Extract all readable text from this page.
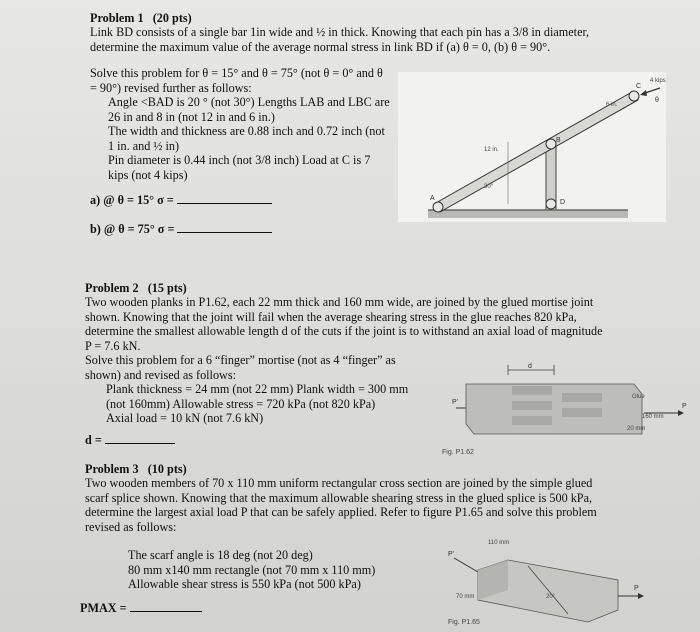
Problem 1 (20 pts)
Link BD consists of a single bar 1in wide and ½ in thick. Knowing that each pin has a 3/8 in diameter,
determine the maximum value of the average normal stress in link BD if (a) θ = 0, (b) θ = 90°.
Solve this problem for θ = 15° and θ = 75° (not θ = 0° and θ
= 90°) revised further as follows:
Angle <BAD is 20 ° (not 30°) Lengths LAB and LBC are
26 in and 8 in (not 12 in and 6 in.)
The width and thickness are 0.88 inch and 0.72 inch (not
1 in. and ½ in)
Pin diameter is 0.44 inch (not 3/8 inch) Load at C is 7
kips (not 4 kips)
a) @ θ = 15° σ =
b) @ θ = 75° σ =
4 kips
6 in.
12 in.
30°
A
B
C
D
θ
Problem 2 (15 pts)
Two wooden planks in P1.62, each 22 mm thick and 160 mm wide, are joined by the glued mortise joint
shown. Knowing that the joint will fail when the average shearing stress in the glue reaches 820 kPa,
determine the smallest allowable length d of the cuts if the joint is to withstand an axial load of magnitude
P = 7.6 kN.
Solve this problem for a 6 “finger” mortise (not as 4 “finger” as
shown) and revised as follows:
Plank thickness = 24 mm (not 22 mm) Plank width = 300 mm
(not 160mm) Allowable stress = 720 kPa (not 820 kPa)
Axial load = 10 kN (not 7.6 kN)
d =
d
Glue
160 mm
20 mm
P'
P
Fig. P1.62
Problem 3 (10 pts)
Two wooden members of 70 x 110 mm uniform rectangular cross section are joined by the simple glued
scarf splice shown. Knowing that the maximum allowable shearing stress in the glued splice is 500 kPa,
determine the largest axial load P that can be safely applied. Refer to figure P1.65 and solve this problem
revised as follows:
The scarf angle is 18 deg (not 20 deg)
80 mm x140 mm rectangle (not 70 mm x 110 mm)
Allowable shear stress is 550 kPa (not 500 kPa)
PMAX =
P'
110 mm
70 mm	20°
P
Fig. P1.65
